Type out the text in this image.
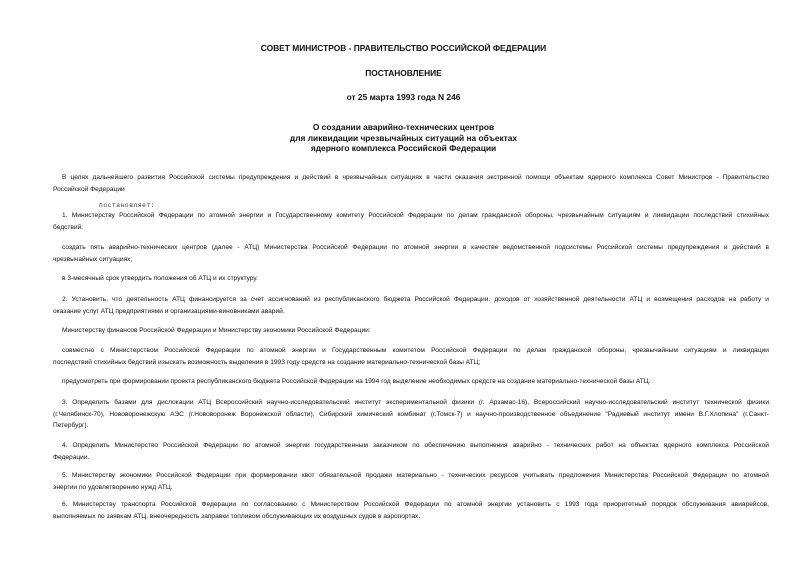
СОВЕТ МИНИСТРОВ - ПРАВИТЕЛЬСТВО РОССИЙСКОЙ ФЕДЕРАЦИИ
ПОСТАНОВЛЕНИЕ
от 25 марта 1993 года N 246
О создании аварийно-технических центров
для ликвидации чрезвычайных ситуаций на объектах
ядерного комплекса Российской Федерации
В целях дальнейшего развития Российской системы предупреждения и действий в чрезвычайных ситуациях в части оказания экстренной помощи объектам ядерного комплекса Совет Министров - Правительство
Российской Федерации
постановляет:
1. Министерству Российской Федерации по атомной энергии и Государственному комитету Российской Федерации по делам гражданской обороны, чрезвычайным ситуациям и ликвидации последствий стихийных
бедствий:
создать пять аварийно-технических центров (далее - АТЦ) Министерства Российской Федерации по атомной энергии в качестве ведомственной подсистемы Российской системы предупреждения и действий в
чрезвычайных ситуациях;
в 3-месячный срок утвердить положения об АТЦ и их структуру.
2. Установить, что деятельность АТЦ финансируется за счет ассигнований из республиканского бюджета Российской Федерации, доходов от хозяйственной деятельности АТЦ и возмещения расходов на работу и
оказание услуг АТЦ предприятиями и организациями-виновниками аварий.
Министерству финансов Российской Федерации и Министерству экономики Российской Федерации:
совместно с Министерством Российской Федерации по атомной энергии и Государственным комитетом Российской Федерации по делам гражданской обороны, чрезвычайным ситуациям и ликвидации
последствий стихийных бедствий изыскать возможность выделения в 1993 году средств на создание материально-технической базы АТЦ;
предусмотреть при формировании проекта республиканского бюджета Российской Федерации на 1994 год выделение необходимых средств на создание материально-технической базы АТЦ.
3. Определить базами для дислокации АТЦ Всероссийский научно-исследовательский институт экспериментальной физики (г. Арзамас-16), Всероссийский научно-исследовательский институт технической физики
(г.Челябинск-70), Нововоронежскую АЭС (г.Нововоронеж Воронежской области), Сибирский химический комбинат (г.Томск-7) и научно-производственное объединение "Радиевый институт имени В.Г.Хлопина" (г.Санкт-
Петербург).
4. Определить Министерство Российской Федерации по атомной энергии государственным заказчиком по обеспечению выполнения аварийно - технических работ на объектах ядерного комплекса Российской
Федерации.
5. Министерству экономики Российской Федерации при формировании квот обязательной продажи материально - технических ресурсов учитывать предложения Министерства Российской Федерации по атомной
энергии по удовлетворению нужд АТЦ.
6. Министерству транспорта Российской Федерации по согласованию с Министерством Российской Федерации по атомной энергии установить с 1993 года приоритетный порядок обслуживания авиарейсов,
выполняемых по заявкам АТЦ, внеочередность заправки топливом обслуживающих их воздушных судов в аэропортах.
